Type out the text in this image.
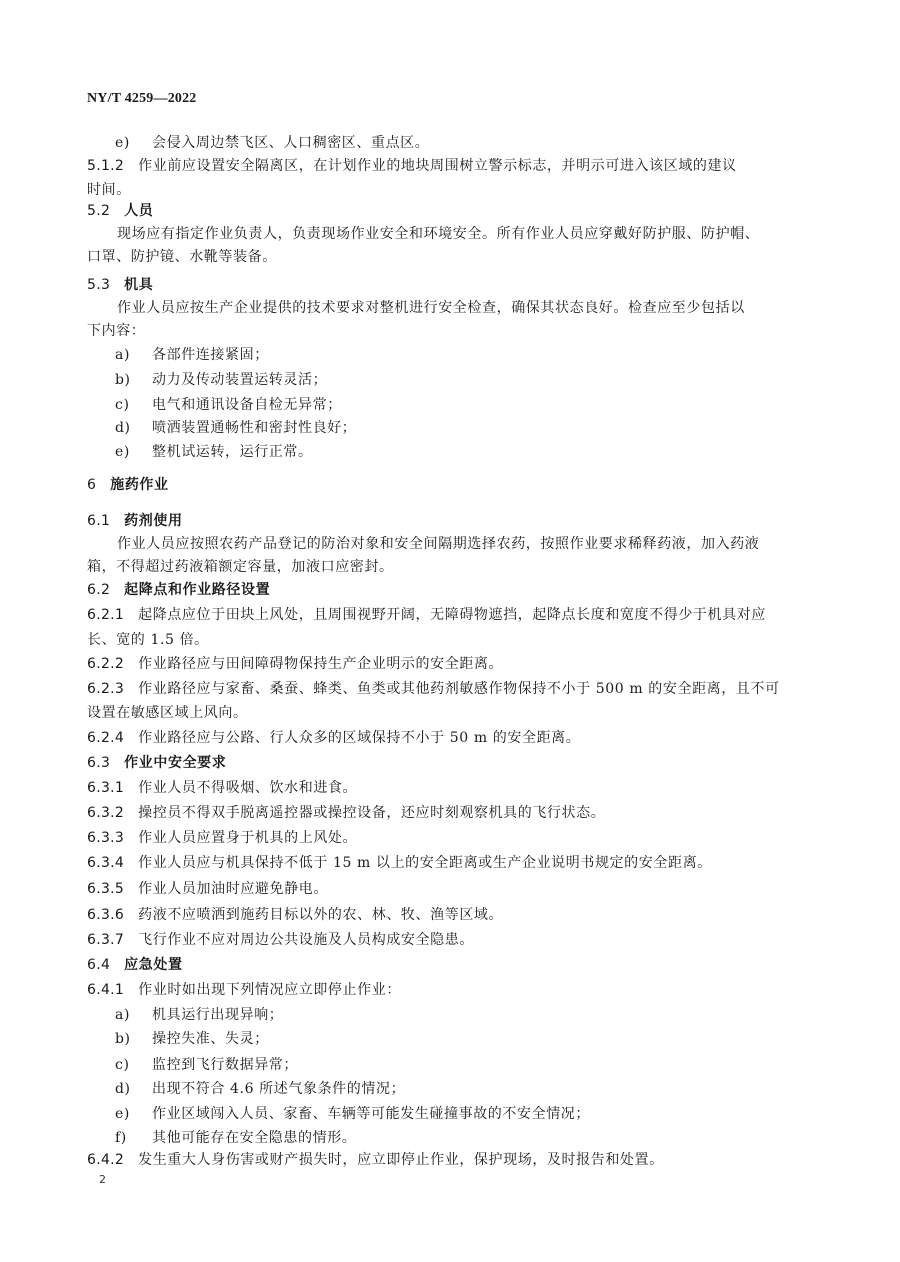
NY/T 4259—2022
e) 会侵入周边禁飞区、人口稠密区、重点区。
5.1.2 作业前应设置安全隔离区，在计划作业的地块周围树立警示标志，并明示可进入该区域的建议
时间。
5.2 人员
现场应有指定作业负责人，负责现场作业安全和环境安全。所有作业人员应穿戴好防护服、防护帽、
口罩、防护镜、水靴等装备。
5.3 机具
作业人员应按生产企业提供的技术要求对整机进行安全检查，确保其状态良好。检查应至少包括以
下内容：
a) 各部件连接紧固；
b) 动力及传动装置运转灵活；
c) 电气和通讯设备自检无异常；
d) 喷洒装置通畅性和密封性良好；
e) 整机试运转，运行正常。
6 施药作业
6.1 药剂使用
作业人员应按照农药产品登记的防治对象和安全间隔期选择农药，按照作业要求稀释药液，加入药液
箱，不得超过药液箱额定容量，加液口应密封。
6.2 起降点和作业路径设置
6.2.1 起降点应位于田块上风处，且周围视野开阔，无障碍物遮挡，起降点长度和宽度不得少于机具对应
长、宽的 1.5 倍。
6.2.2 作业路径应与田间障碍物保持生产企业明示的安全距离。
6.2.3 作业路径应与家畜、桑蚕、蜂类、鱼类或其他药剂敏感作物保持不小于 500 m 的安全距离，且不可
设置在敏感区域上风向。
6.2.4 作业路径应与公路、行人众多的区域保持不小于 50 m 的安全距离。
6.3 作业中安全要求
6.3.1 作业人员不得吸烟、饮水和进食。
6.3.2 操控员不得双手脱离遥控器或操控设备，还应时刻观察机具的飞行状态。
6.3.3 作业人员应置身于机具的上风处。
6.3.4 作业人员应与机具保持不低于 15 m 以上的安全距离或生产企业说明书规定的安全距离。
6.3.5 作业人员加油时应避免静电。
6.3.6 药液不应喷洒到施药目标以外的农、林、牧、渔等区域。
6.3.7 飞行作业不应对周边公共设施及人员构成安全隐患。
6.4 应急处置
6.4.1 作业时如出现下列情况应立即停止作业：
a) 机具运行出现异响；
b) 操控失准、失灵；
c) 监控到飞行数据异常；
d) 出现不符合 4.6 所述气象条件的情况；
e) 作业区域闯入人员、家畜、车辆等可能发生碰撞事故的不安全情况；
f) 其他可能存在安全隐患的情形。
6.4.2 发生重大人身伤害或财产损失时，应立即停止作业，保护现场，及时报告和处置。
2
